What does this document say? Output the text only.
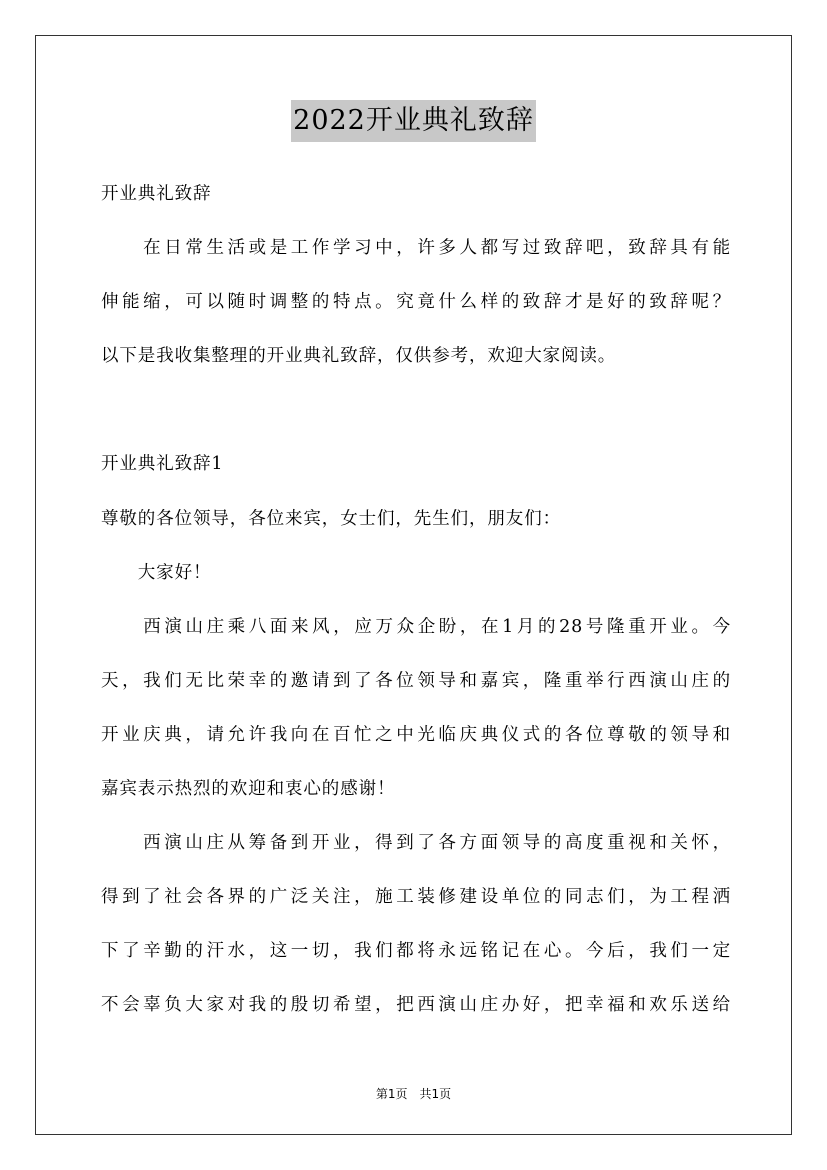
2022开业典礼致辞
开业典礼致辞
　　在日常生活或是工作学习中，许多人都写过致辞吧，致辞具有能
伸能缩，可以随时调整的特点。究竟什么样的致辞才是好的致辞呢？
以下是我收集整理的开业典礼致辞，仅供参考，欢迎大家阅读。
开业典礼致辞1
尊敬的各位领导，各位来宾，女士们，先生们，朋友们：
　　大家好！
　　西演山庄乘八面来风，应万众企盼，在1月的28号隆重开业。今
天，我们无比荣幸的邀请到了各位领导和嘉宾，隆重举行西演山庄的
开业庆典，请允许我向在百忙之中光临庆典仪式的各位尊敬的领导和
嘉宾表示热烈的欢迎和衷心的感谢！
　　西演山庄从筹备到开业，得到了各方面领导的高度重视和关怀，
得到了社会各界的广泛关注，施工装修建设单位的同志们，为工程洒
下了辛勤的汗水，这一切，我们都将永远铭记在心。今后，我们一定
不会辜负大家对我的殷切希望，把西演山庄办好，把幸福和欢乐送给
第1页　共1页
